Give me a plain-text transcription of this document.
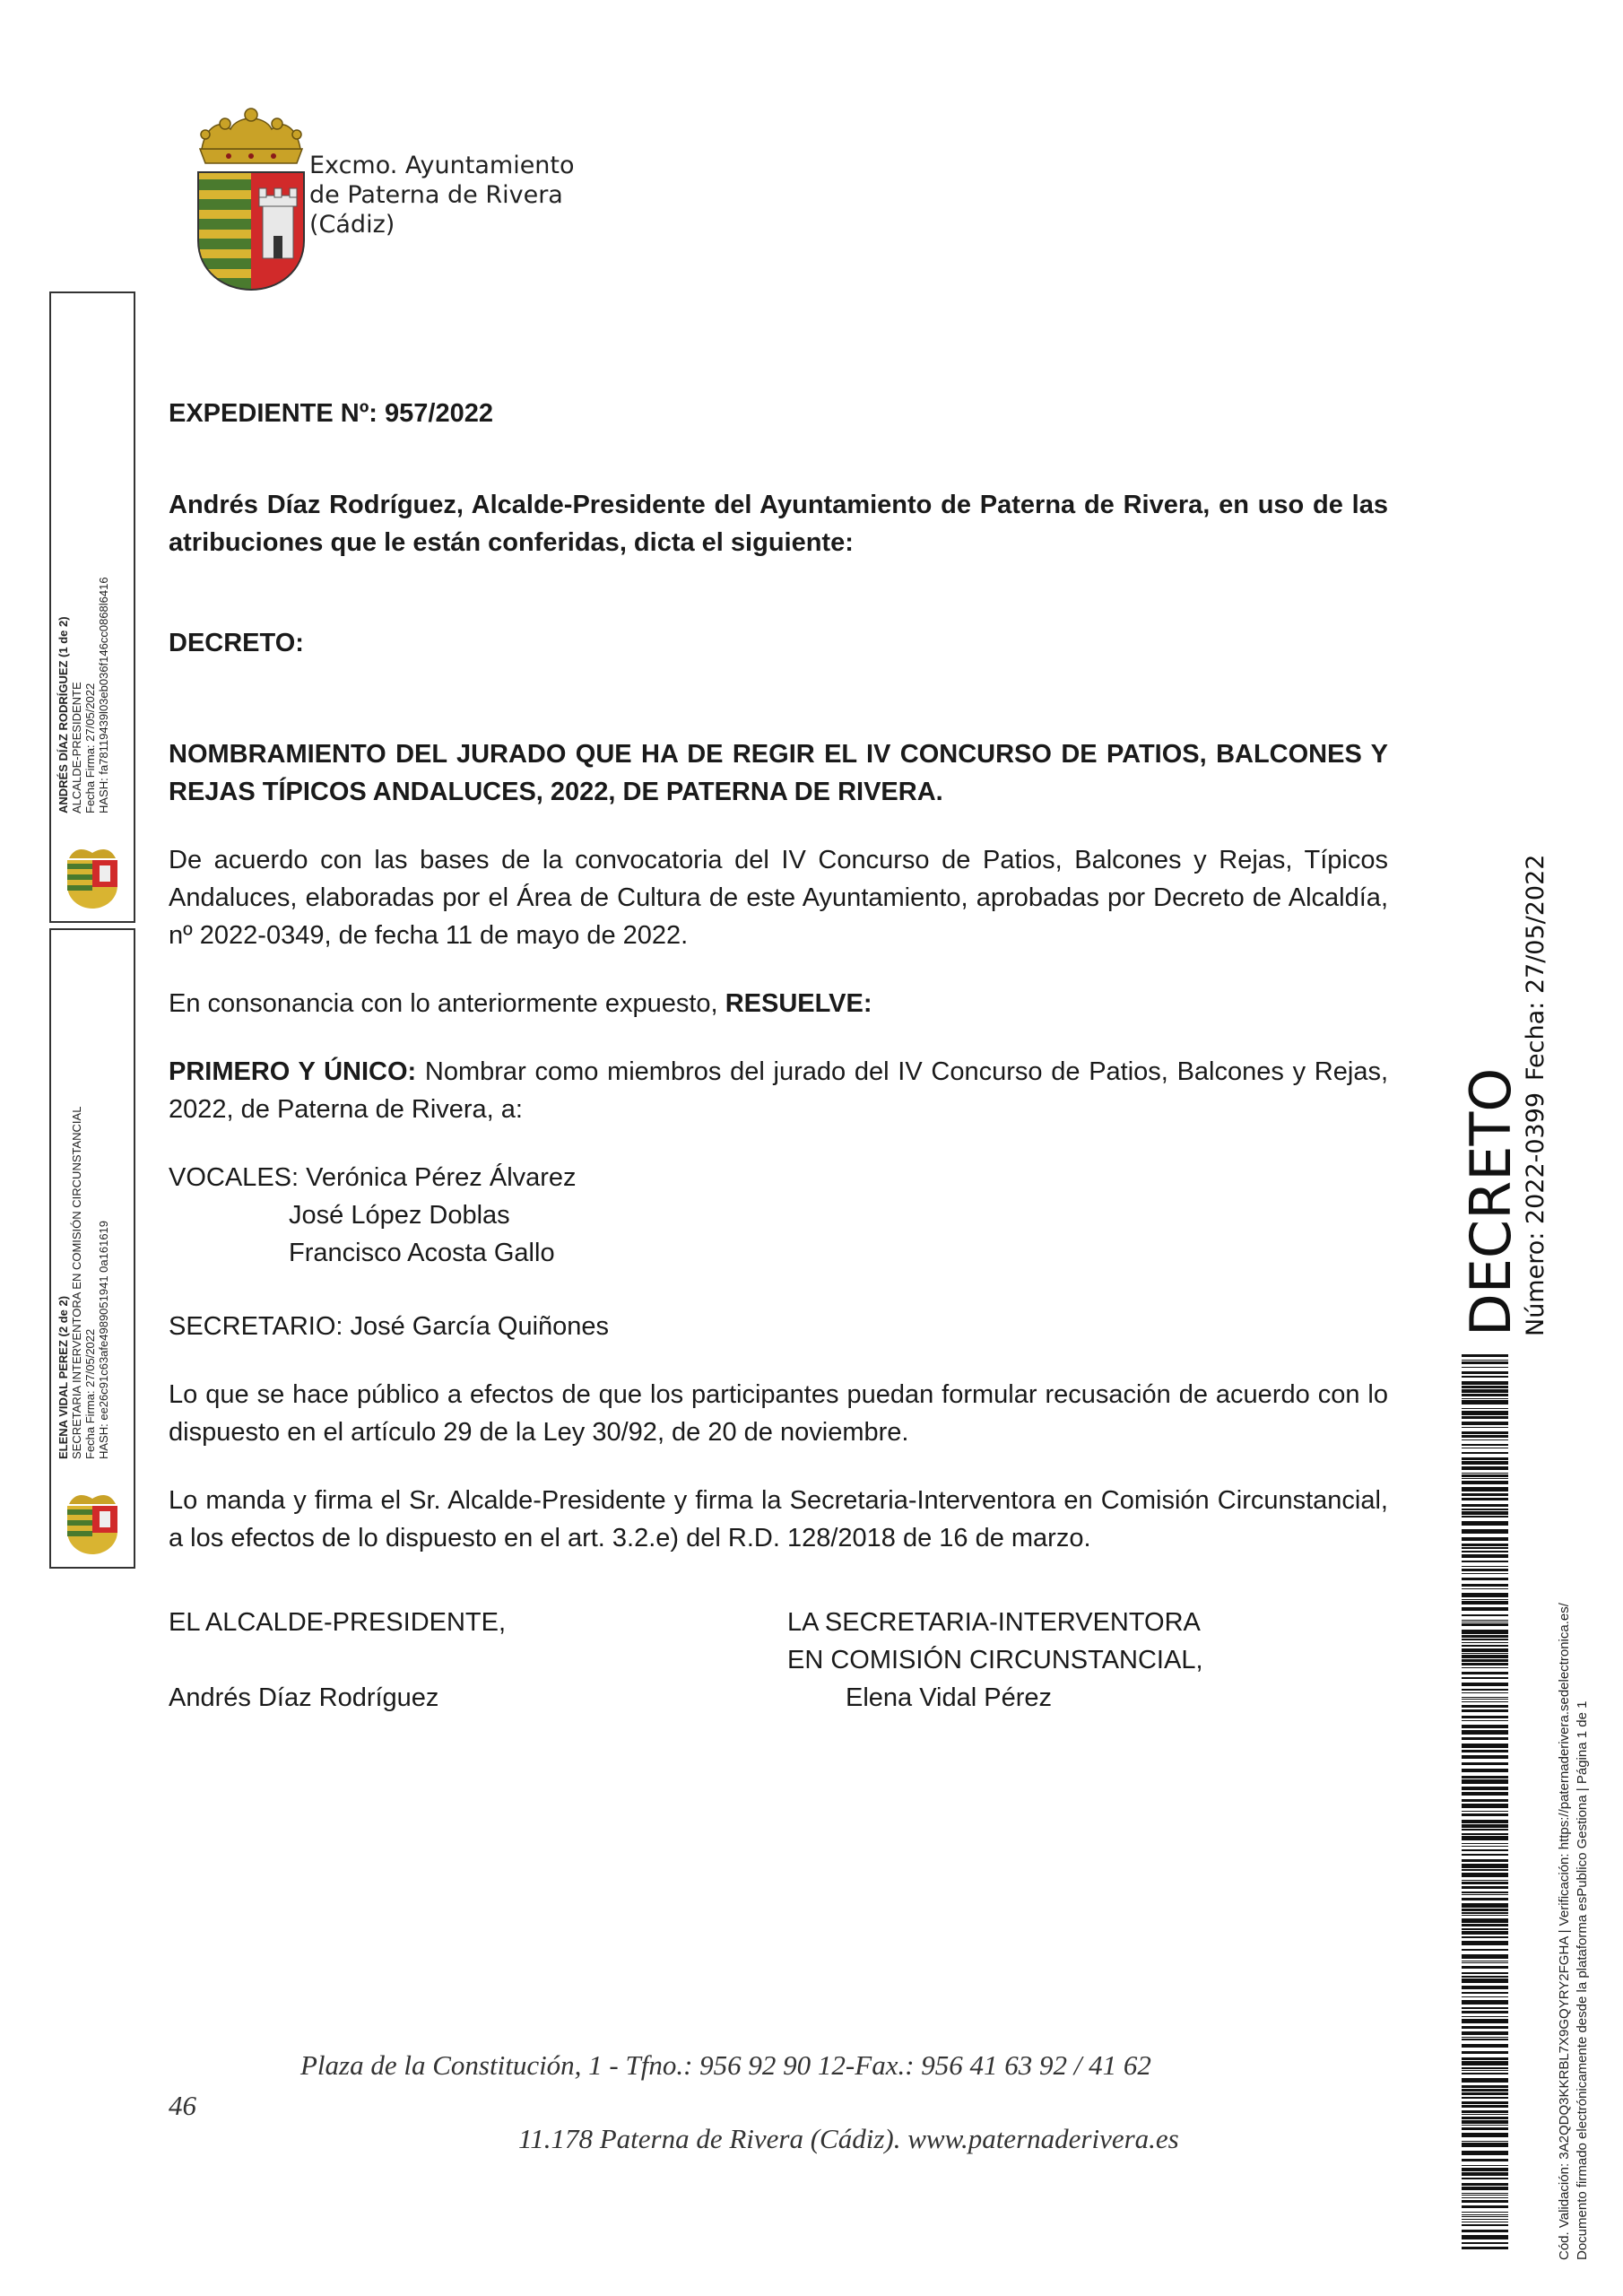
Excmo. Ayuntamiento
de Paterna de Rivera
(Cádiz)

EXPEDIENTE Nº: 957/2022

Andrés Díaz Rodríguez, Alcalde-Presidente del Ayuntamiento de Paterna de Rivera, en uso de las atribuciones que le están conferidas, dicta el siguiente:

DECRETO:

NOMBRAMIENTO DEL JURADO QUE HA DE REGIR EL IV CONCURSO DE PATIOS, BALCONES Y REJAS TÍPICOS ANDALUCES, 2022, DE PATERNA DE RIVERA.

De acuerdo con las bases de la convocatoria del IV Concurso de Patios, Balcones y Rejas, Típicos Andaluces, elaboradas por el Área de Cultura de este Ayuntamiento, aprobadas por Decreto de Alcaldía, nº 2022-0349, de fecha 11 de mayo de 2022.

En consonancia con lo anteriormente expuesto, RESUELVE:

PRIMERO Y ÚNICO: Nombrar como miembros del jurado del IV Concurso de Patios, Balcones y Rejas, 2022, de Paterna de Rivera, a:

VOCALES: Verónica Pérez Álvarez
José López Doblas
Francisco Acosta Gallo

SECRETARIO: José García Quiñones

Lo que se hace público a efectos de que los participantes puedan formular recusación de acuerdo con lo dispuesto en el artículo 29 de la Ley 30/92, de 20 de noviembre.

Lo manda y firma el Sr. Alcalde-Presidente y firma la Secretaria-Interventora en Comisión Circunstancial, a los efectos de lo dispuesto en el art. 3.2.e) del R.D. 128/2018 de 16 de marzo.

EL ALCALDE-PRESIDENTE,
Andrés Díaz Rodríguez
LA SECRETARIA-INTERVENTORA
EN COMISIÓN CIRCUNSTANCIAL,
Elena Vidal Pérez
Plaza de la Constitución, 1 - Tfno.: 956 92 90 12-Fax.: 956 41 63 92 / 41 62
46
11.178 Paterna de Rivera (Cádiz). www.paternaderivera.es
ANDRÉS DÍAZ RODRÍGUEZ (1 de 2) ALCALDE-PRESIDENTE Fecha Firma: 27/05/2022 HASH: fa78119439l03eb036f146cc0868l6416
ELENA VIDAL PEREZ (2 de 2) SECRETARIA INTERVENTORA EN COMISIÓN CIRCUNSTANCIAL Fecha Firma: 27/05/2022 HASH: ee26c91c63afe4989051941 0a161619
DECRETO
Número: 2022-0399
Fecha: 27/05/2022
Cód. Validación: 3A2QDQ3KKRBL7X9GQYRY2FGHA | Verificación: https://paternaderivera.sedelectronica.es/ Documento firmado electrónicamente desde la plataforma esPublico Gestiona | Página 1 de 1
